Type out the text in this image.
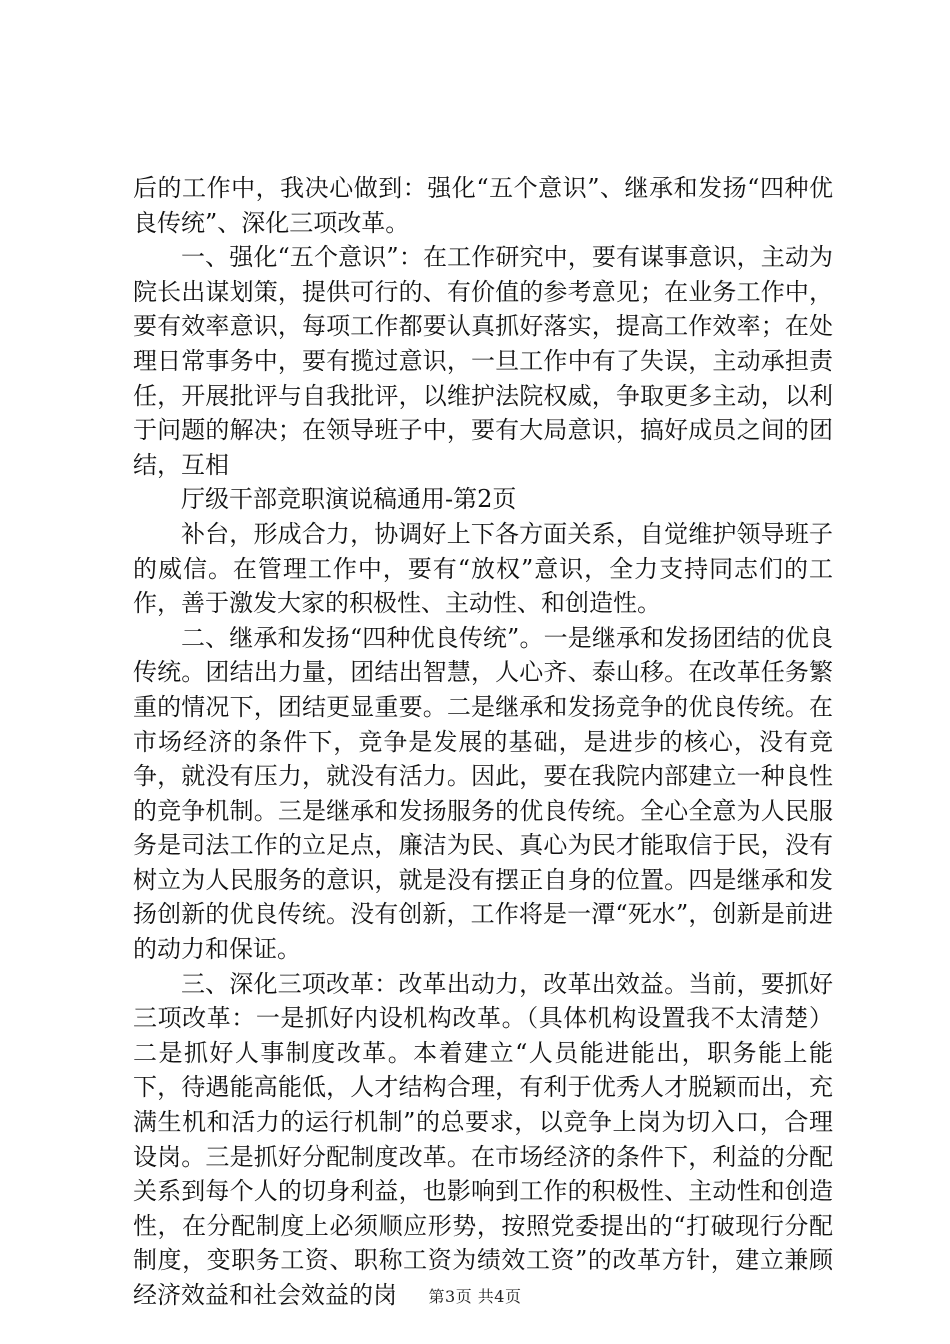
后的工作中，我决心做到：强化“五个意识”、继承和发扬“四种优良传统”、深化三项改革。

一、强化“五个意识”：在工作研究中，要有谋事意识，主动为院长出谋划策，提供可行的、有价值的参考意见；在业务工作中，要有效率意识，每项工作都要认真抓好落实，提高工作效率；在处理日常事务中，要有揽过意识，一旦工作中有了失误，主动承担责任，开展批评与自我批评，以维护法院权威，争取更多主动，以利于问题的解决；在领导班子中，要有大局意识，搞好成员之间的团结，互相

厅级干部竞职演说稿通用-第2页

补台，形成合力，协调好上下各方面关系，自觉维护领导班子的威信。在管理工作中，要有“放权”意识，全力支持同志们的工作，善于激发大家的积极性、主动性、和创造性。

二、继承和发扬“四种优良传统”。一是继承和发扬团结的优良传统。团结出力量，团结出智慧，人心齐、泰山移。在改革任务繁重的情况下，团结更显重要。二是继承和发扬竞争的优良传统。在市场经济的条件下，竞争是发展的基础，是进步的核心，没有竞争，就没有压力，就没有活力。因此，要在我院内部建立一种良性的竞争机制。三是继承和发扬服务的优良传统。全心全意为人民服务是司法工作的立足点，廉洁为民、真心为民才能取信于民，没有树立为人民服务的意识，就是没有摆正自身的位置。四是继承和发扬创新的优良传统。没有创新，工作将是一潭“死水”，创新是前进的动力和保证。

三、深化三项改革：改革出动力，改革出效益。当前，要抓好三项改革：一是抓好内设机构改革。（具体机构设置我不太清楚）二是抓好人事制度改革。本着建立“人员能进能出，职务能上能下，待遇能高能低，人才结构合理，有利于优秀人才脱颖而出，充满生机和活力的运行机制”的总要求，以竞争上岗为切入口，合理设岗。三是抓好分配制度改革。在市场经济的条件下，利益的分配关系到每个人的切身利益，也影响到工作的积极性、主动性和创造性，在分配制度上必须顺应形势，按照党委提出的“打破现行分配制度，变职务工资、职称工资为绩效工资”的改革方针，建立兼顾经济效益和社会效益的岗	第3页 共4页
